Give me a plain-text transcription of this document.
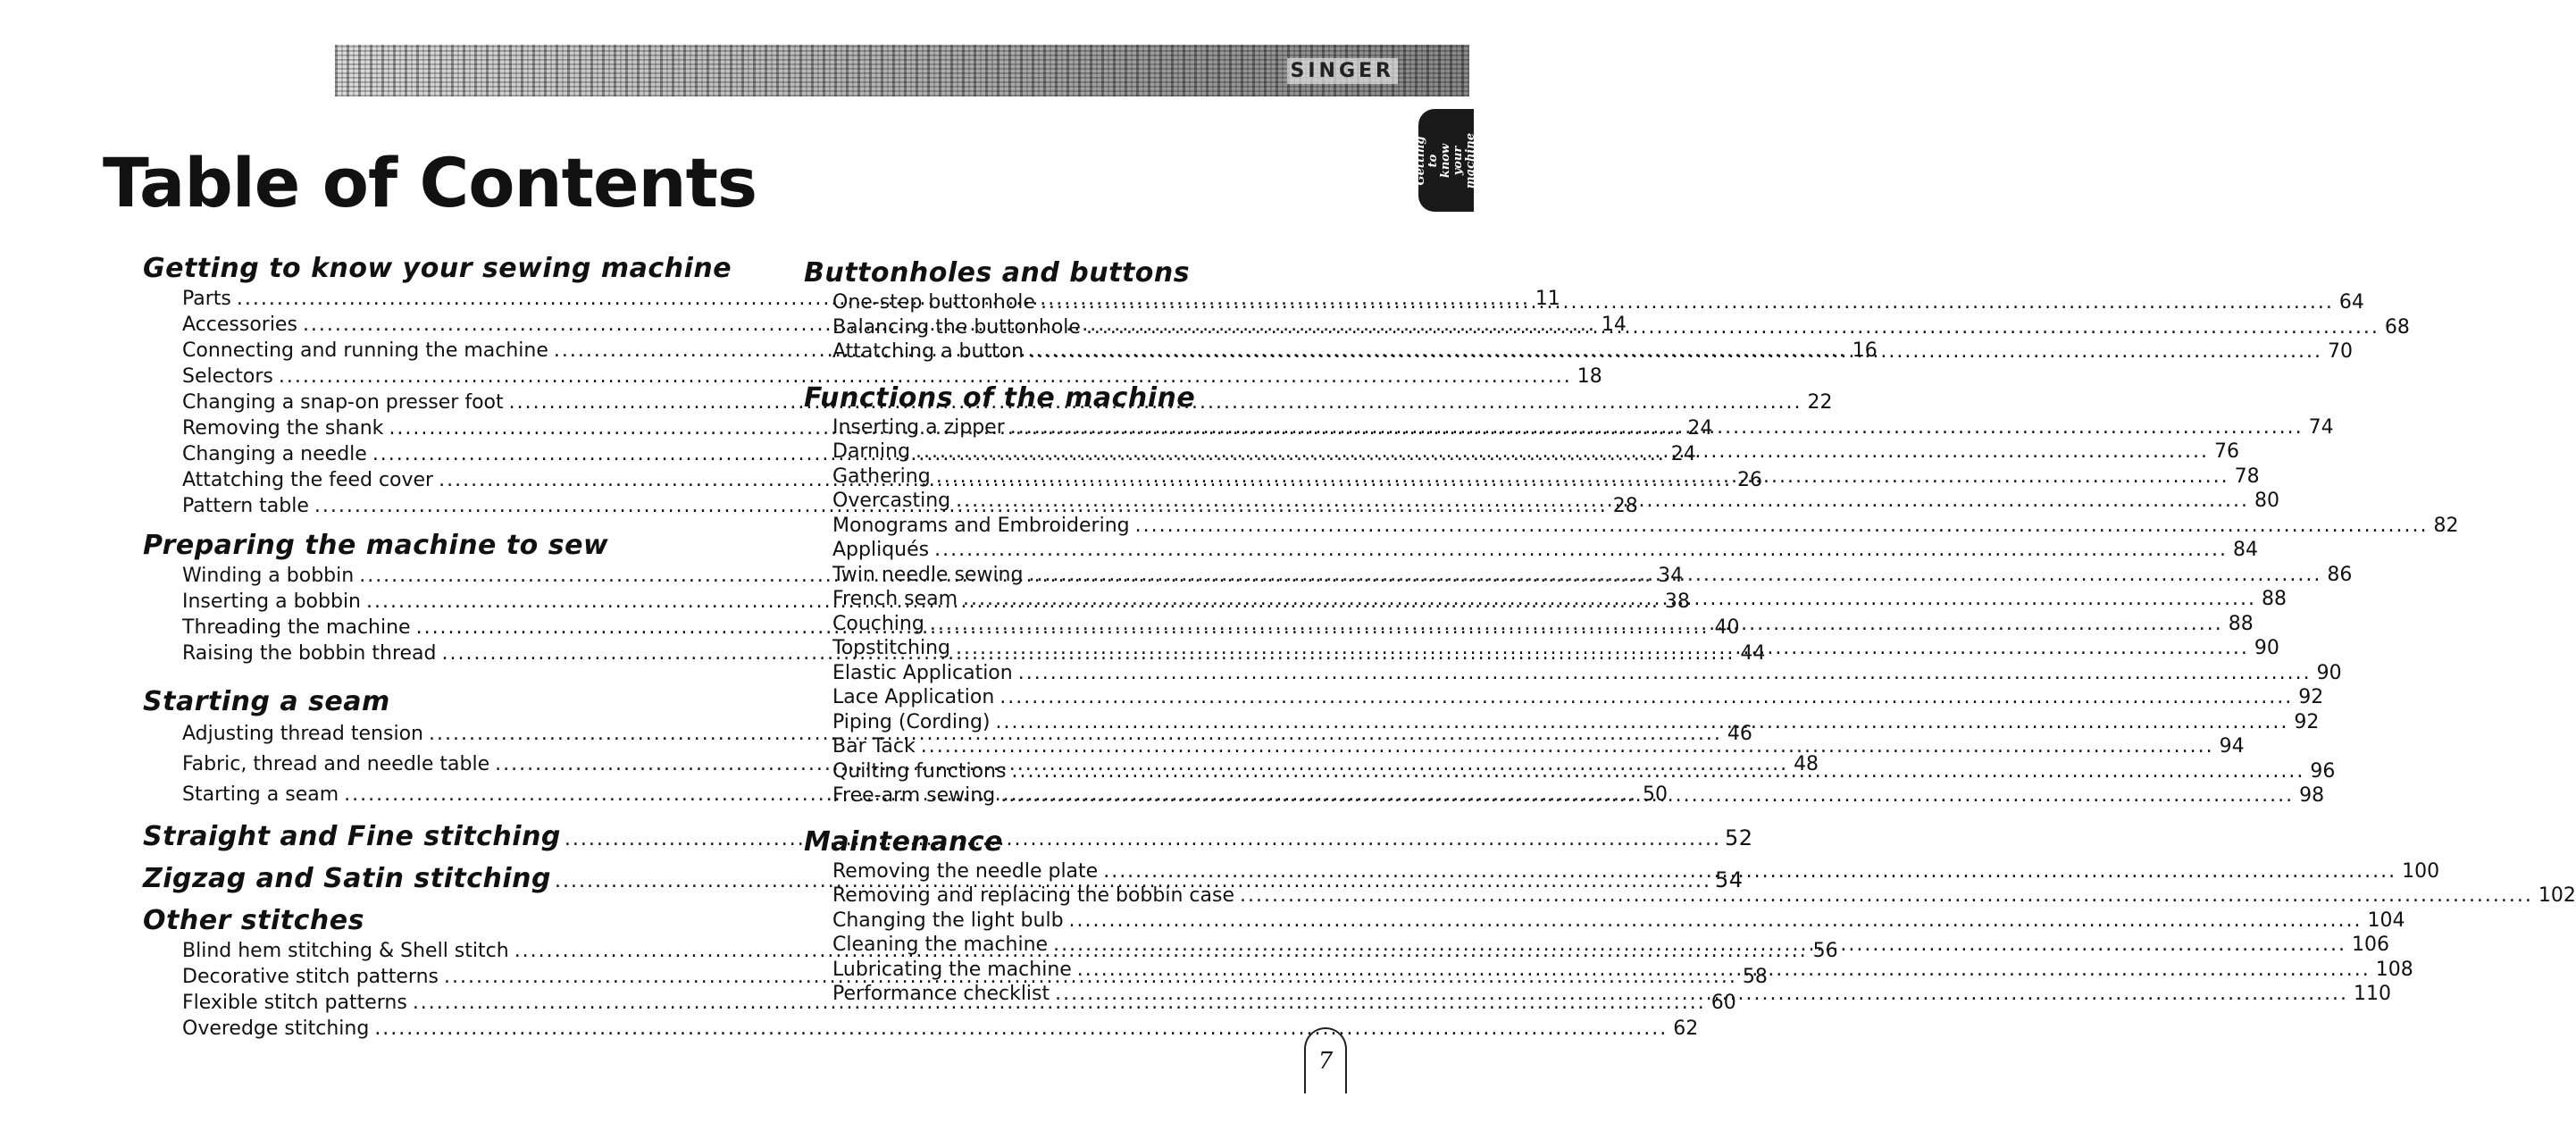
SINGER
Getting to
know your
machine
Table of Contents
Getting to know your sewing machine
Parts .....	11
Accessories .....	14
Connecting and running the machine .....	16
Selectors .....	18
Changing a snap-on presser foot .....	22
Removing the shank .....	24
Changing a needle .....	24
Attatching the feed cover .....	26
Pattern table .....	28
Preparing the machine to sew
Winding a bobbin .....	34
Inserting a bobbin .....	38
Threading the machine .....	40
Raising the bobbin thread .....	44
Starting a seam
Adjusting thread tension .....	46
Fabric, thread and needle table .....	48
Starting a seam .....	50
Straight and Fine stitching .....	52
Zigzag and Satin stitching .....	54
Other stitches
Blind hem stitching & Shell stitch .....	56
Decorative stitch patterns .....	58
Flexible stitch patterns .....	60
Overedge stitching .....	62
Buttonholes and buttons
One-step buttonhole .....	64
Balancing the buttonhole .....	68
Attatching a button .....	70
Functions of the machine
Inserting a zipper .....	74
Darning .....	76
Gathering .....	78
Overcasting .....	80
Monograms and Embroidering .....	82
Appliqués .....	84
Twin needle sewing .....	86
French seam .....	88
Couching .....	88
Topstitching .....	90
Elastic Application .....	90
Lace Application .....	92
Piping (Cording) .....	92
Bar Tack .....	94
Quilting functions .....	96
Free-arm sewing .....	98
Maintenance
Removing the needle plate .....	100
Removing and replacing the bobbin case .....	102
Changing the light bulb .....	104
Cleaning the machine .....	106
Lubricating the machine .....	108
Performance checklist .....	110
7
